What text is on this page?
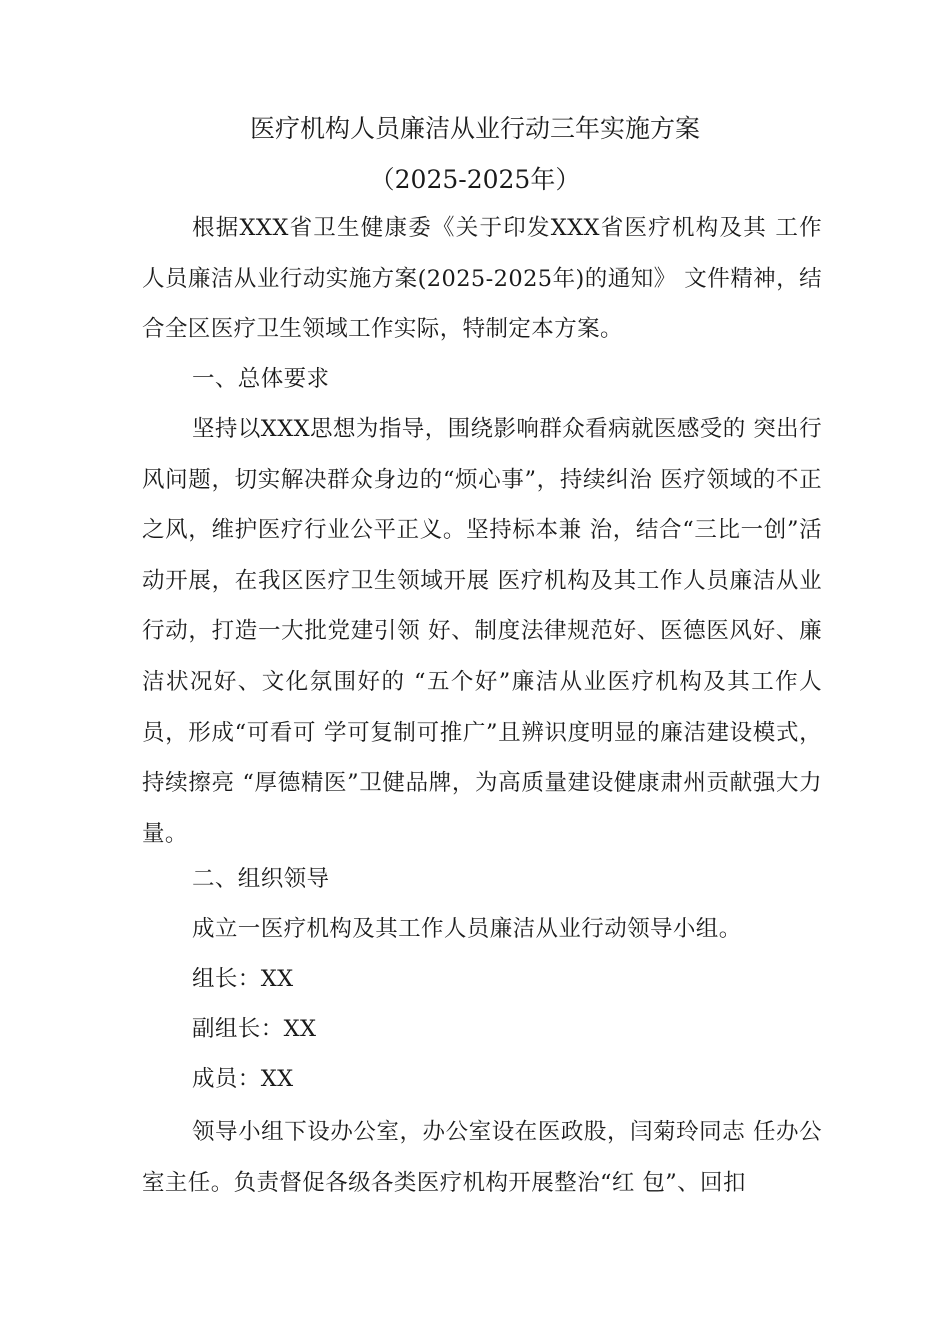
医疗机构人员廉洁从业行动三年实施方案
（2025-2025年）
根据XXX省卫生健康委《关于印发XXX省医疗机构及其 工作人员廉洁从业行动实施方案(2025-2025年)的通知》 文件精神，结合全区医疗卫生领域工作实际，特制定本方案。
一、总体要求
坚持以XXX思想为指导，围绕影响群众看病就医感受的 突出行风问题，切实解决群众身边的“烦心事”，持续纠治 医疗领域的不正之风，维护医疗行业公平正义。坚持标本兼 治，结合“三比一创”活动开展，在我区医疗卫生领域开展 医疗机构及其工作人员廉洁从业行动，打造一大批党建引领 好、制度法律规范好、医德医风好、廉洁状况好、文化氛围好的 “五个好”廉洁从业医疗机构及其工作人员，形成“可看可 学可复制可推广”且辨识度明显的廉洁建设模式，持续擦亮 “厚德精医”卫健品牌，为高质量建设健康肃州贡献强大力 量。
二、组织领导
成立一医疗机构及其工作人员廉洁从业行动领导小组。
组长：XX
副组长：XX
成员：XX
领导小组下设办公室，办公室设在医政股，闫菊玲同志 任办公室主任。负责督促各级各类医疗机构开展整治“红 包”、回扣
